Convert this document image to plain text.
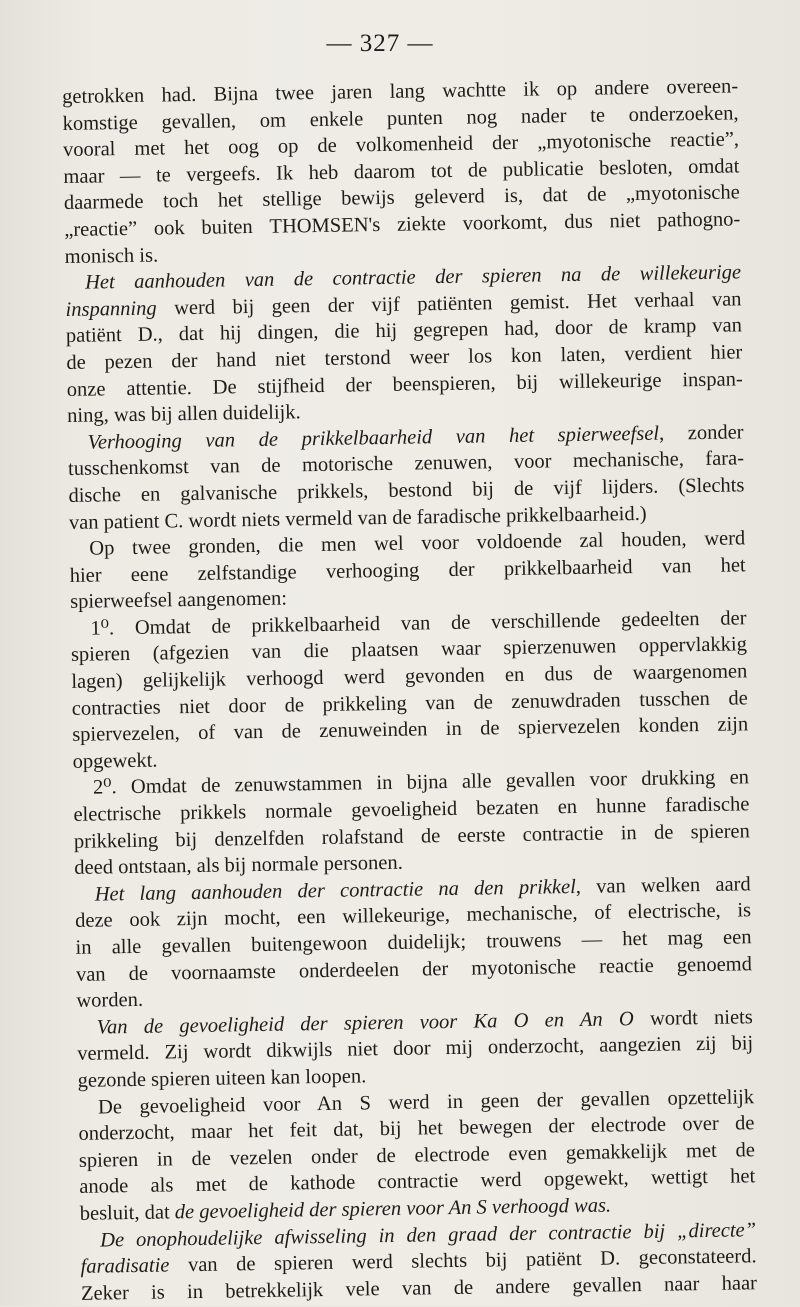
— 327 —
getrokken had. Bijna twee jaren lang wachtte ik op andere overeen-
komstige gevallen, om enkele punten nog nader te onderzoeken,
vooral met het oog op de volkomenheid der „myotonische reactie”,
maar — te vergeefs. Ik heb daarom tot de publicatie besloten, omdat
daarmede toch het stellige bewijs geleverd is, dat de „myotonische
„reactie” ook buiten THOMSEN's ziekte voorkomt, dus niet pathogno-
monisch is.
Het aanhouden van de contractie der spieren na de willekeurige
inspanning werd bij geen der vijf patiënten gemist. Het verhaal van
patiënt D., dat hij dingen, die hij gegrepen had, door de kramp van
de pezen der hand niet terstond weer los kon laten, verdient hier
onze attentie. De stijfheid der beenspieren, bij willekeurige inspan-
ning, was bij allen duidelijk.
Verhooging van de prikkelbaarheid van het spierweefsel, zonder
tusschenkomst van de motorische zenuwen, voor mechanische, fara-
dische en galvanische prikkels, bestond bij de vijf lijders. (Slechts
van patient C. wordt niets vermeld van de faradische prikkelbaarheid.)
Op twee gronden, die men wel voor voldoende zal houden, werd
hier eene zelfstandige verhooging der prikkelbaarheid van het
spierweefsel aangenomen:
1⁰. Omdat de prikkelbaarheid van de verschillende gedeelten der
spieren (afgezien van die plaatsen waar spierzenuwen oppervlakkig
lagen) gelijkelijk verhoogd werd gevonden en dus de waargenomen
contracties niet door de prikkeling van de zenuwdraden tusschen de
spiervezelen, of van de zenuweinden in de spiervezelen konden zijn
opgewekt.
2⁰. Omdat de zenuwstammen in bijna alle gevallen voor drukking en
electrische prikkels normale gevoeligheid bezaten en hunne faradische
prikkeling bij denzelfden rolafstand de eerste contractie in de spieren
deed ontstaan, als bij normale personen.
Het lang aanhouden der contractie na den prikkel, van welken aard
deze ook zijn mocht, een willekeurige, mechanische, of electrische, is
in alle gevallen buitengewoon duidelijk; trouwens — het mag een
van de voornaamste onderdeelen der myotonische reactie genoemd
worden.
Van de gevoeligheid der spieren voor Ka O en An O wordt niets
vermeld. Zij wordt dikwijls niet door mij onderzocht, aangezien zij bij
gezonde spieren uiteen kan loopen.
De gevoeligheid voor An S werd in geen der gevallen opzettelijk
onderzocht, maar het feit dat, bij het bewegen der electrode over de
spieren in de vezelen onder de electrode even gemakkelijk met de
anode als met de kathode contractie werd opgewekt, wettigt het
besluit, dat de gevoeligheid der spieren voor An S verhoogd was.
De onophoudelijke afwisseling in den graad der contractie bij „directe”
faradisatie van de spieren werd slechts bij patiënt D. geconstateerd.
Zeker is in betrekkelijk vele van de andere gevallen naar haar
